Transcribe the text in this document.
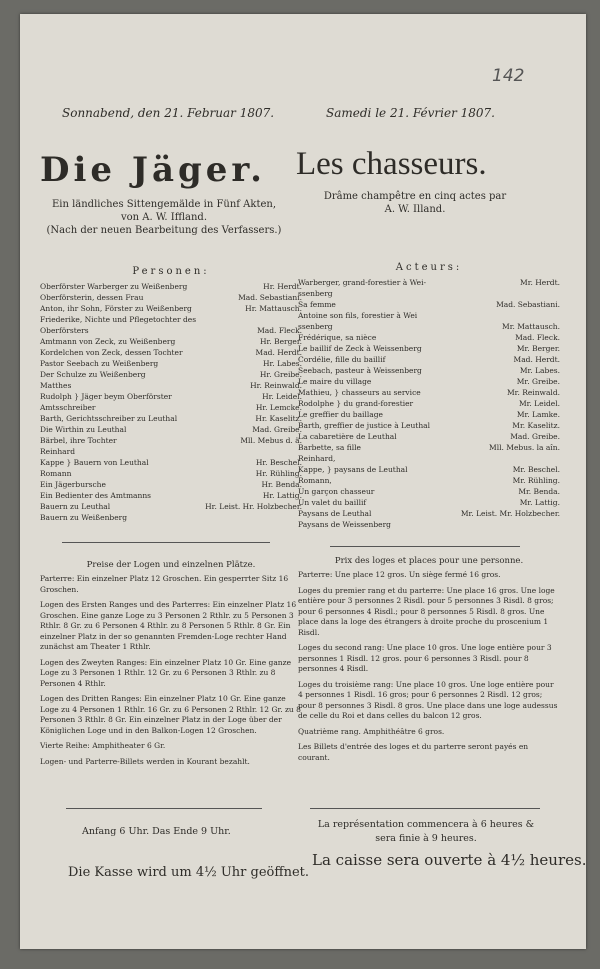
142
Sonnabend, den 21. Februar 1807.	Samedi le 21. Février 1807.
Die Jäger. Les chasseurs.
Ein ländliches Sittengemälde in Fünf Akten,
von A. W. Iffland.
(Nach der neuen Bearbeitung des Verfassers.)
Drâme champêtre en cinq actes par
A. W. Illand.
Personen:
Oberförster Warberger zu Weißenberg	Hr. Herdt.
Oberförsterin, dessen Frau	Mad. Sebastiani.
Anton, ihr Sohn, Förster zu Weißenberg	Hr. Mattausch.
Friederike, Nichte und Pflegetochter des
Oberförsters	Mad. Fleck.
Amtmann von Zeck, zu Weißenberg	Hr. Berger.
Kordelchen von Zeck, dessen Tochter	Mad. Herdt.
Pastor Seebach zu Weißenberg	Hr. Labes.
Der Schulze zu Weißenberg	Hr. Greibe.
Matthes	Hr. Reinwald.
Rudolph } Jäger beym Oberförster	Hr. Leidel.
Amtsschreiber	Hr. Lemcke.
Barth, Gerichtsschreiber zu Leuthal	Hr. Kaselitz.
Die Wirthin zu Leuthal	Mad. Greibe.
Bärbel, ihre Tochter	Mll. Mebus d. ä.
Reinhard
Kappe } Bauern von Leuthal	Hr. Beschel.
Romann	Hr. Rühling.
Ein Jägerbursche	Hr. Benda.
Ein Bedienter des Amtmanns	Hr. Lattig.
Bauern zu Leuthal	Hr. Leist. Hr. Holzbecher.
Bauern zu Weißenberg
Acteurs:
Warberger, grand-forestier à Wei-	Mr. Herdt.
ssenberg
Sa femme	Mad. Sebastiani.
Antoine son fils, forestier à Wei
ssenberg	Mr. Mattausch.
Frédérique, sa nièce	Mad. Fleck.
Le baillif de Zeck à Weissenberg	Mr. Berger.
Cordélie, fille du baillif	Mad. Herdt.
Seebach, pasteur à Weissenberg	Mr. Labes.
Le maire du village	Mr. Greibe.
Mathieu, } chasseurs au service	Mr. Reinwald.
Rodolphe } du grand-forestier	Mr. Leidel.
Le greffier du baillage	Mr. Lamke.
Barth, greffier de justice à Leuthal	Mr. Kaselitz.
La cabaretière de Leuthal	Mad. Greibe.
Barbette, sa fille	Mll. Mebus. la aîn.
Reinhard,
Kappe, } paysans de Leuthal	Mr. Beschel.
Romann,	Mr. Rühling.
Un garçon chasseur	Mr. Benda.
Un valet du baillif	Mr. Lattig.
Paysans de Leuthal	Mr. Leist. Mr. Holzbecher.
Paysans de Weissenberg
Preise der Logen und einzelnen Plätze.

Parterre: Ein einzelner Platz 12 Groschen. Ein gesperrter Sitz 16 Groschen.

Logen des Ersten Ranges und des Parterres: Ein einzelner Platz 16 Groschen. Eine ganze Loge zu 3 Personen 2 Rthlr. zu 5 Personen 3 Rthlr. 8 Gr. zu 6 Personen 4 Rthlr. zu 8 Personen 5 Rthlr. 8 Gr. Ein einzelner Platz in der so genannten Fremden-Loge rechter Hand zunächst am Theater 1 Rthlr.

Logen des Zweyten Ranges: Ein einzelner Platz 10 Gr. Eine ganze Loge zu 3 Personen 1 Rthlr. 12 Gr. zu 6 Personen 3 Rthlr. zu 8 Personen 4 Rthlr.

Logen des Dritten Ranges: Ein einzelner Platz 10 Gr. Eine ganze Loge zu 4 Personen 1 Rthlr. 16 Gr. zu 6 Personen 2 Rthlr. 12 Gr. zu 8 Personen 3 Rthlr. 8 Gr. Ein einzelner Platz in der Loge über der Königlichen Loge und in den Balkon-Logen 12 Groschen.

Vierte Reihe: Amphitheater 6 Gr.

Logen- und Parterre-Billets werden in Kourant bezahlt.

Prix des loges et places pour une personne.

Parterre: Une place 12 gros. Un siège fermé 16 gros.

Loges du premier rang et du parterre: Une place 16 gros. Une loge entière pour 3 personnes 2 Risdl. pour 5 personnes 3 Risdl. 8 gros; pour 6 personnes 4 Risdl.; pour 8 personnes 5 Risdl. 8 gros. Une place dans la loge des étrangers à droite proche du proscenium 1 Risdl.

Loges du second rang: Une place 10 gros. Une loge entière pour 3 personnes 1 Risdl. 12 gros. pour 6 personnes 3 Risdl. pour 8 personnes 4 Risdl.

Loges du troisième rang: Une place 10 gros. Une loge entière pour 4 personnes 1 Risdl. 16 gros; pour 6 personnes 2 Risdl. 12 gros; pour 8 personnes 3 Risdl. 8 gros. Une place dans une loge audessus de celle du Roi et dans celles du balcon 12 gros.

Quatrième rang. Amphithéâtre 6 gros.

Les Billets d'entrée des loges et du parterre seront payés en courant.

Anfang 6 Uhr. Das Ende 9 Uhr.
La représentation commencera à 6 heures & sera finie à 9 heures.
Die Kasse wird um 4½ Uhr geöffnet.
La caisse sera ouverte à 4½ heures.
